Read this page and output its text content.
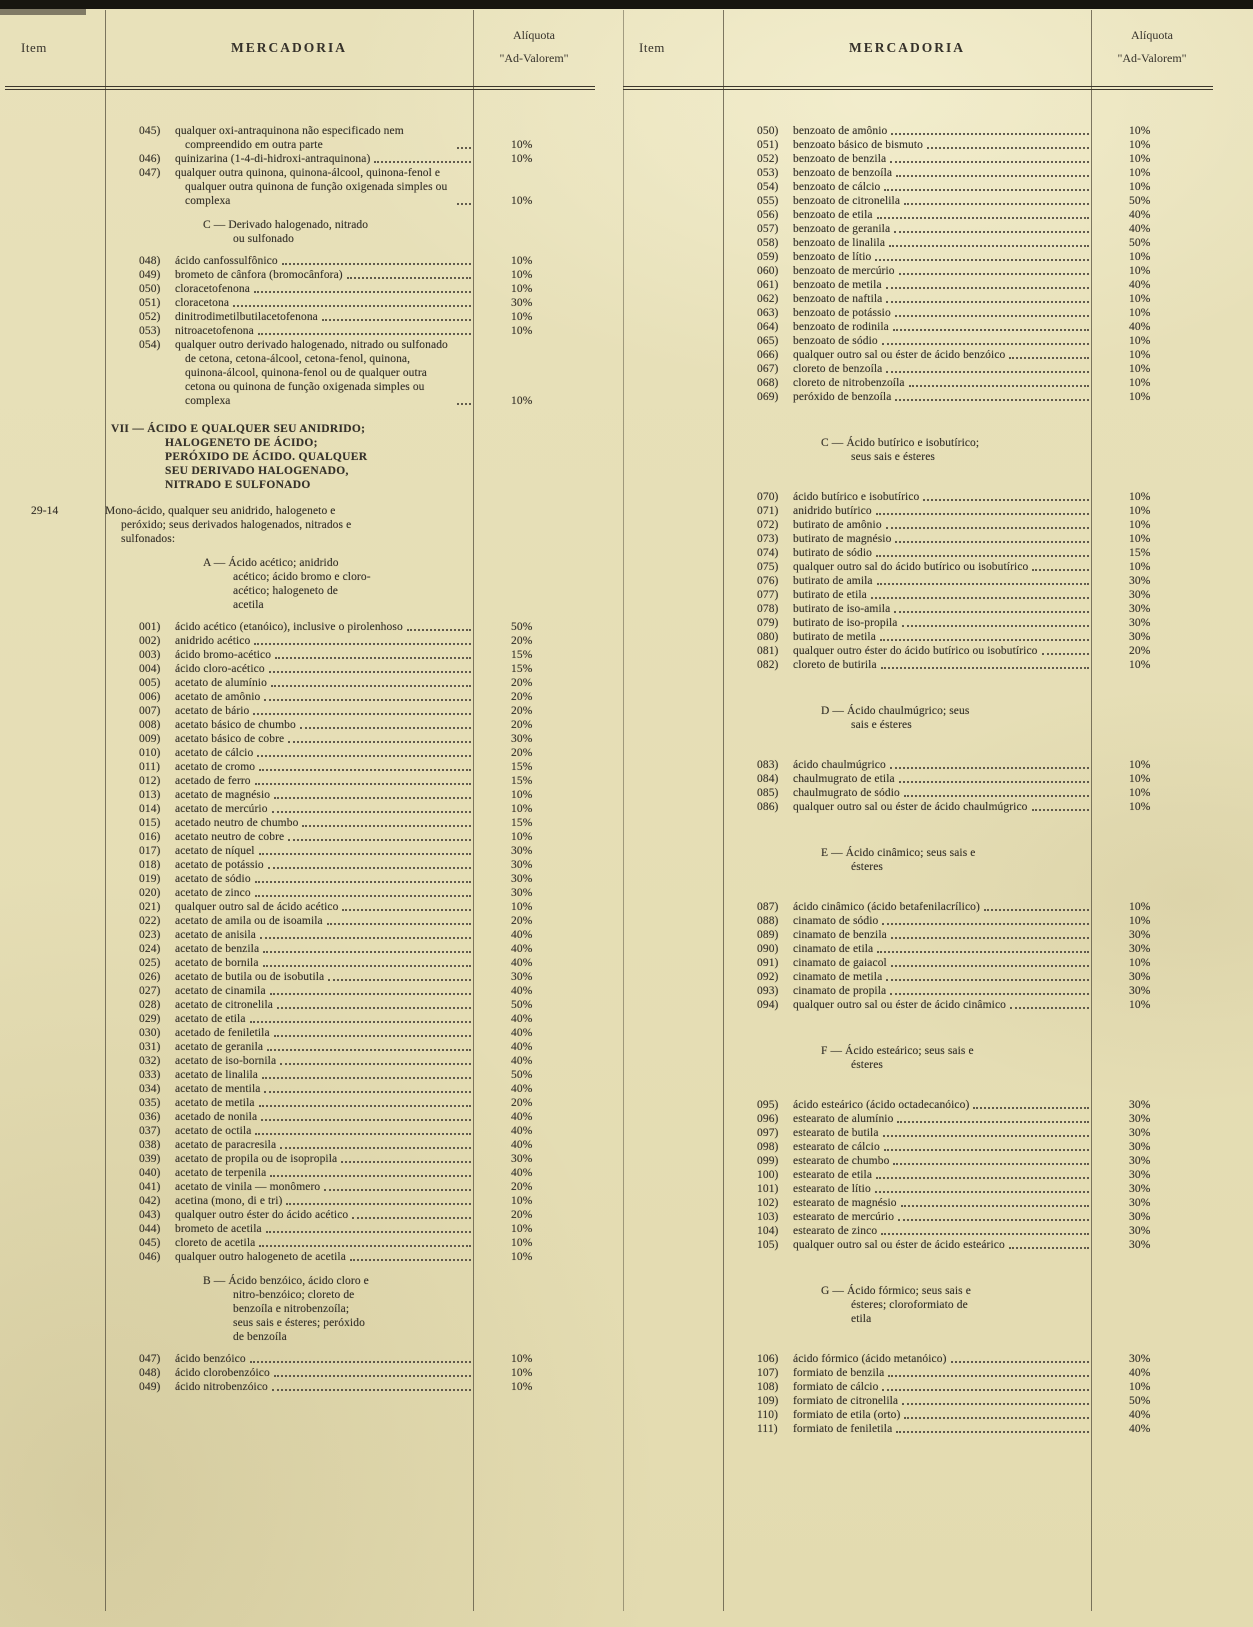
Item	MERCADORIA
Alíquota
"Ad-Valorem"
045)	qualquer oxi-antraquinona não especificado nem compreendido em outra parte	10%
046)	quinizarina (1-4-di-hidroxi-antraquinona)	10%
047)	qualquer outra quinona, quinona-álcool, quinona-fenol e qualquer outra quinona de função oxigenada simples ou complexa	10%
C — Derivado halogenado, nitrado ou sulfonado
048)	ácido canfossulfônico	10%
049)	brometo de cânfora (bromocânfora)	10%
050)	cloracetofenona	10%
051)	cloracetona	30%
052)	dinitrodimetilbutilacetofenona	10%
053)	nitroacetofenona	10%
054)	qualquer outro derivado halogenado, nitrado ou sulfonado de cetona, cetona-álcool, cetona-fenol, quinona, quinona-álcool, quinona-fenol ou de qualquer outra cetona ou quinona de função oxigenada simples ou complexa	10%
VII — ÁCIDO E QUALQUER SEU ANIDRIDO; HALOGENETO DE ÁCIDO; PERÓXIDO DE ÁCIDO. QUALQUER SEU DERIVADO HALOGENADO, NITRADO E SULFONADO
29-14	Mono-ácido, qualquer seu anidrido, halogeneto e peróxido; seus derivados halogenados, nitrados e sulfonados:
A — Ácido acético; anidrido acético; ácido bromo e cloro-acético; halogeneto de acetila
001)	ácido acético (etanóico), inclusive o pirolenhoso	50%
002)	anidrido acético	20%
003)	ácido bromo-acético	15%
004)	ácido cloro-acético	15%
005)	acetato de alumínio	20%
006)	acetato de amônio	20%
007)	acetato de bário	20%
008)	acetato básico de chumbo	20%
009)	acetato básico de cobre	30%
010)	acetato de cálcio	20%
011)	acetato de cromo	15%
012)	acetado de ferro	15%
013)	acetato de magnésio	10%
014)	acetato de mercúrio	10%
015)	acetado neutro de chumbo	15%
016)	acetato neutro de cobre	10%
017)	acetato de níquel	30%
018)	acetato de potássio	30%
019)	acetato de sódio	30%
020)	acetato de zinco	30%
021)	qualquer outro sal de ácido acético	10%
022)	acetato de amila ou de isoamila	20%
023)	acetato de anisila	40%
024)	acetato de benzila	40%
025)	acetato de bornila	40%
026)	acetato de butila ou de isobutila	30%
027)	acetato de cinamila	40%
028)	acetato de citronelila	50%
029)	acetato de etila	40%
030)	acetado de feniletila	40%
031)	acetato de geranila	40%
032)	acetato de iso-bornila	40%
033)	acetato de linalila	50%
034)	acetato de mentila	40%
035)	acetato de metila	20%
036)	acetado de nonila	40%
037)	acetato de octila	40%
038)	acetato de paracresila	40%
039)	acetato de propila ou de isopropila	30%
040)	acetato de terpenila	40%
041)	acetato de vinila — monômero	20%
042)	acetina (mono, di e tri)	10%
043)	qualquer outro éster do ácido acético	20%
044)	brometo de acetila	10%
045)	cloreto de acetila	10%
046)	qualquer outro halogeneto de acetila	10%
B — Ácido benzóico, ácido cloro e nitro-benzóico; cloreto de benzoíla e nitrobenzoíla; seus sais e ésteres; peróxido de benzoíla
047)	ácido benzóico	10%
048)	ácido clorobenzóico	10%
049)	ácido nitrobenzóico	10%
Item	MERCADORIA
Alíquota
"Ad-Valorem"
050)	benzoato de amônio	10%
051)	benzoato básico de bismuto	10%
052)	benzoato de benzila	10%
053)	benzoato de benzoíla	10%
054)	benzoato de cálcio	10%
055)	benzoato de citronelila	50%
056)	benzoato de etila	40%
057)	benzoato de geranila	40%
058)	benzoato de linalila	50%
059)	benzoato de lítio	10%
060)	benzoato de mercúrio	10%
061)	benzoato de metila	40%
062)	benzoato de naftila	10%
063)	benzoato de potássio	10%
064)	benzoato de rodinila	40%
065)	benzoato de sódio	10%
066)	qualquer outro sal ou éster de ácido benzóico	10%
067)	cloreto de benzoíla	10%
068)	cloreto de nitrobenzoíla	10%
069)	peróxido de benzoíla	10%
C — Ácido butírico e isobutírico; seus sais e ésteres
070)	ácido butírico e isobutírico	10%
071)	anidrido butírico	10%
072)	butirato de amônio	10%
073)	butirato de magnésio	10%
074)	butirato de sódio	15%
075)	qualquer outro sal do ácido butírico ou isobutírico	10%
076)	butirato de amila	30%
077)	butirato de etila	30%
078)	butirato de iso-amila	30%
079)	butirato de iso-propila	30%
080)	butirato de metila	30%
081)	qualquer outro éster do ácido butírico ou isobutírico	20%
082)	cloreto de butirila	10%
D — Ácido chaulmúgrico; seus sais e ésteres
083)	ácido chaulmúgrico	10%
084)	chaulmugrato de etila	10%
085)	chaulmugrato de sódio	10%
086)	qualquer outro sal ou éster de ácido chaulmúgrico	10%
E — Ácido cinâmico; seus sais e ésteres
087)	ácido cinâmico (ácido betafenilacrílico)	10%
088)	cinamato de sódio	10%
089)	cinamato de benzila	30%
090)	cinamato de etila	30%
091)	cinamato de gaiacol	10%
092)	cinamato de metila	30%
093)	cinamato de propila	30%
094)	qualquer outro sal ou éster de ácido cinâmico	10%
F — Ácido esteárico; seus sais e ésteres
095)	ácido esteárico (ácido octadecanóico)	30%
096)	estearato de alumínio	30%
097)	estearato de butila	30%
098)	estearato de cálcio	30%
099)	estearato de chumbo	30%
100)	estearato de etila	30%
101)	estearato de lítio	30%
102)	estearato de magnésio	30%
103)	estearato de mercúrio	30%
104)	estearato de zinco	30%
105)	qualquer outro sal ou éster de ácido esteárico	30%
G — Ácido fórmico; seus sais e ésteres; cloroformiato de etila
106)	ácido fórmico (ácido metanóico)	30%
107)	formiato de benzila	40%
108)	formiato de cálcio	10%
109)	formiato de citronelila	50%
110)	formiato de etila (orto)	40%
111)	formiato de feniletila	40%
